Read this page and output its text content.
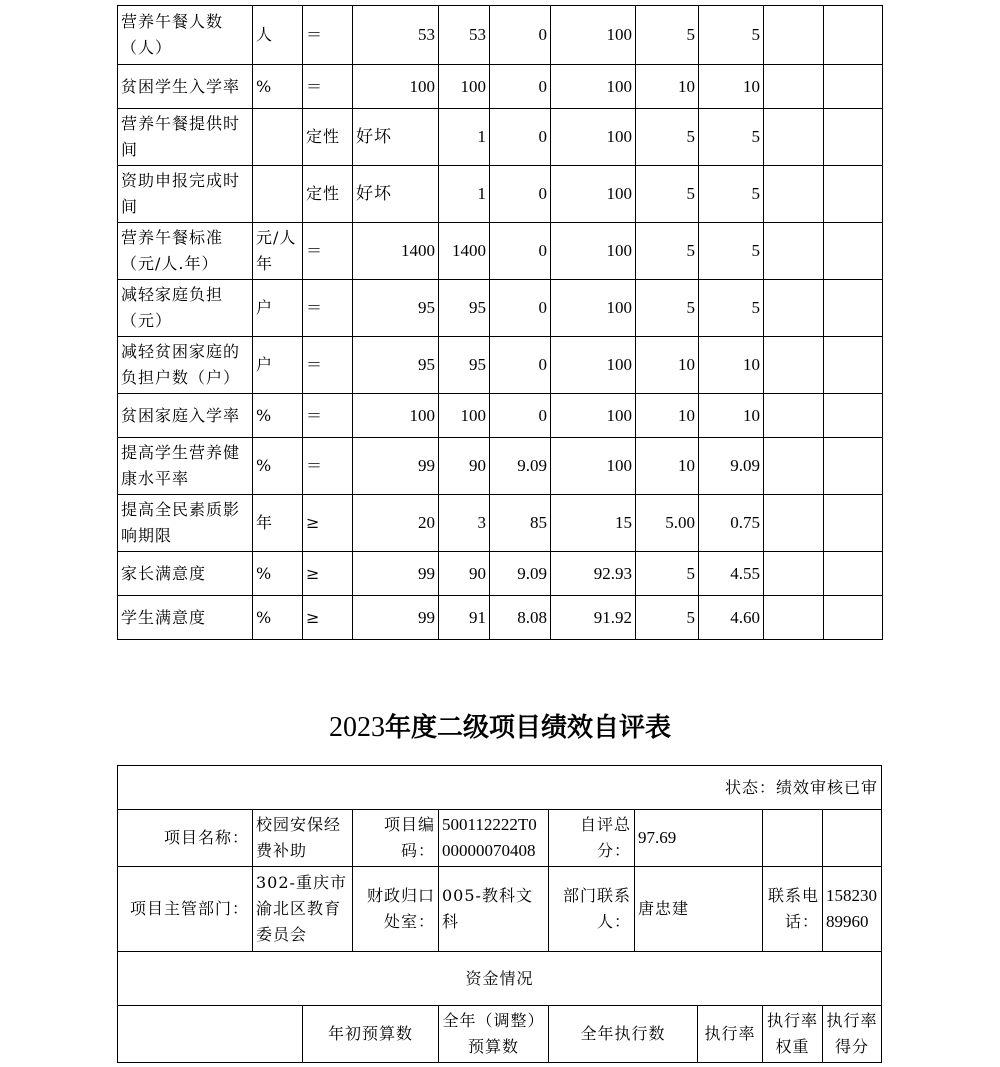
营养午餐人数（人）	人	＝	53	53	0	100	5	5		
贫困学生入学率	%	＝	100	100	0	100	10	10		
营养午餐提供时间		定性	好坏	1	0	100	5	5		
资助申报完成时间		定性	好坏	1	0	100	5	5		
营养午餐标准（元/人.年）	元/人年	＝	1400	1400	0	100	5	5		
减轻家庭负担（元）	户	＝	95	95	0	100	5	5		
减轻贫困家庭的负担户数（户）	户	＝	95	95	0	100	10	10		
贫困家庭入学率	%	＝	100	100	0	100	10	10		
提高学生营养健康水平率	%	＝	99	90	9.09	100	10	9.09		
提高全民素质影响期限	年	≥	20	3	85	15	5.00	0.75		
家长满意度	%	≥	99	90	9.09	92.93	5	4.55		
学生满意度	%	≥	99	91	8.08	91.92	5	4.60		
2023年度二级项目绩效自评表
状态：绩效审核已审									
项目名称：	校园安保经费补助		项目编码：	500112222T000000070408	自评总分：	97.69			
项目主管部门：	302-重庆市渝北区教育委员会		财政归口处室：	005-教科文科	部门联系人：	唐忠建		联系电话：	15823089960
资金情况									
		年初预算数		全年（调整）预算数	全年执行数		执行率	执行率权重	执行率得分
